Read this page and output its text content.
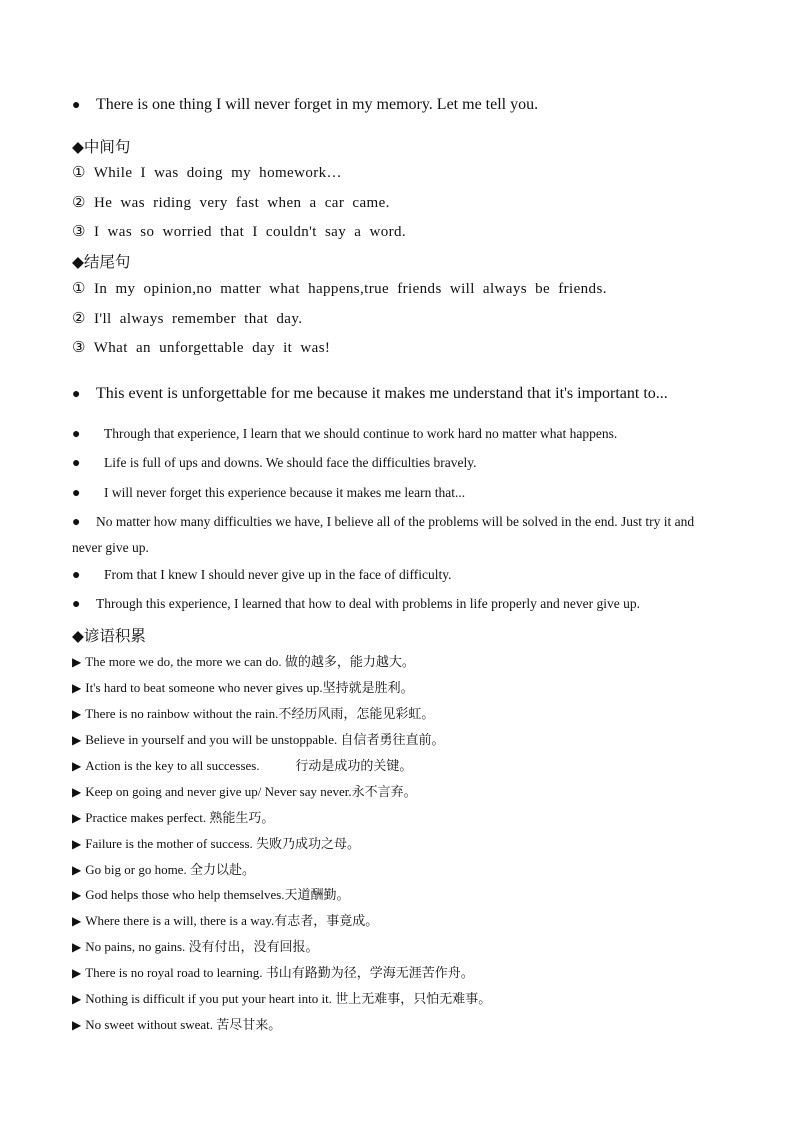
● There is one thing I will never forget in my memory. Let me tell you.
◆中间句
① While I was doing my homework…
② He was riding very fast when a car came.
③ I was so worried that I couldn't say a word.
◆结尾句
① In my opinion,no matter what happens,true friends will always be friends.
② I'll always remember that day.
③ What an unforgettable day it was!
● This event is unforgettable for me because it makes me understand that it's important to...
● Through that experience, I learn that we should continue to work hard no matter what happens.
● Life is full of ups and downs. We should face the difficulties bravely.
● I will never forget this experience because it makes me learn that...
● No matter how many difficulties we have, I believe all of the problems will be solved in the end. Just try it and
never give up.
● From that I knew I should never give up in the face of difficulty.
● Through this experience, I learned that how to deal with problems in life properly and never give up.
◆谚语积累
▶ The more we do, the more we can do. 做的越多，能力越大。
▶ It's hard to beat someone who never gives up.坚持就是胜利。
▶ There is no rainbow without the rain.不经历风雨，怎能见彩虹。
▶ Believe in yourself and you will be unstoppable. 自信者勇往直前。
▶ Action is the key to all successes.           行动是成功的关键。
▶ Keep on going and never give up/ Never say never.永不言弃。
▶ Practice makes perfect. 熟能生巧。
▶ Failure is the mother of success. 失败乃成功之母。
▶ Go big or go home. 全力以赴。
▶ God helps those who help themselves.天道酬勤。
▶ Where there is a will, there is a way.有志者，事竟成。
▶ No pains, no gains. 没有付出，没有回报。
▶ There is no royal road to learning. 书山有路勤为径，学海无涯苦作舟。
▶ Nothing is difficult if you put your heart into it. 世上无难事，只怕无难事。
▶ No sweet without sweat. 苦尽甘来。
